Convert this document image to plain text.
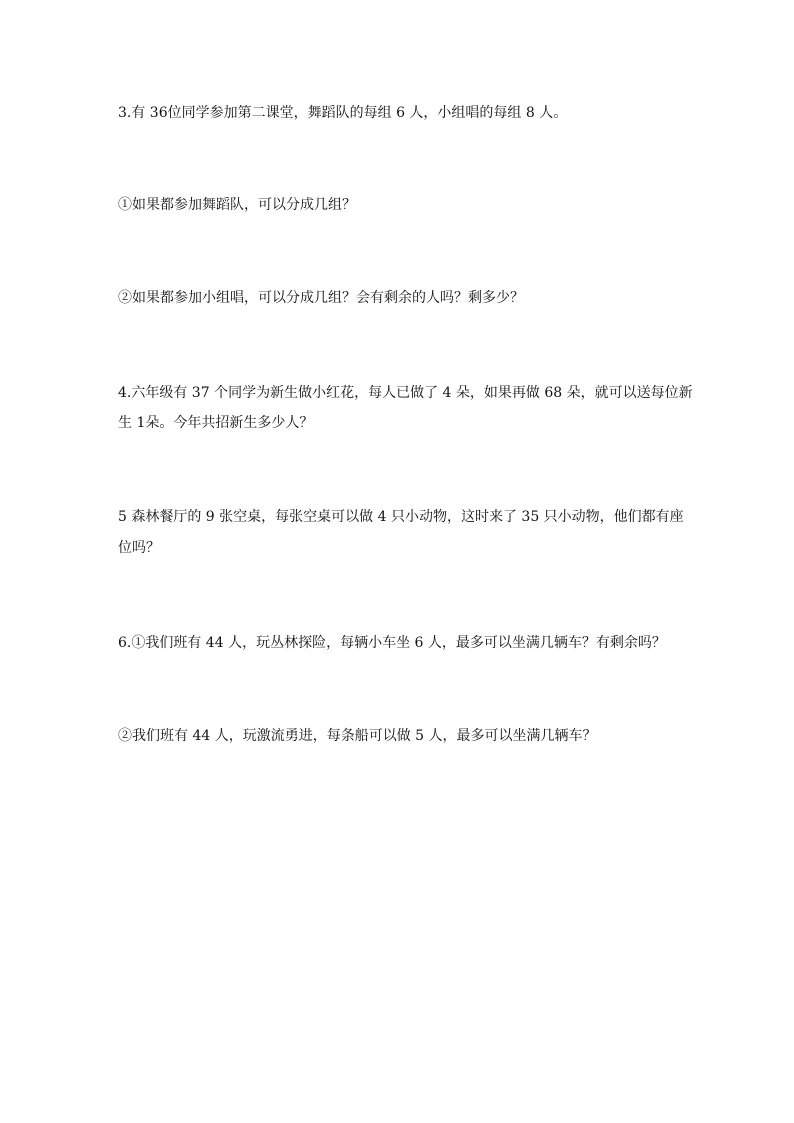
3.有 36位同学参加第二课堂，舞蹈队的每组 6 人，小组唱的每组 8 人。
①如果都参加舞蹈队，可以分成几组？
②如果都参加小组唱，可以分成几组？会有剩余的人吗？剩多少？
4.六年级有 37 个同学为新生做小红花，每人已做了 4 朵，如果再做 68 朵，就可以送每位新
生 1朵。今年共招新生多少人？
5 森林餐厅的 9 张空桌，每张空桌可以做 4 只小动物，这时来了 35 只小动物，他们都有座
位吗？
6.①我们班有 44 人，玩丛林探险，每辆小车坐 6 人，最多可以坐满几辆车？有剩余吗？
②我们班有 44 人，玩激流勇进，每条船可以做 5 人，最多可以坐满几辆车？
